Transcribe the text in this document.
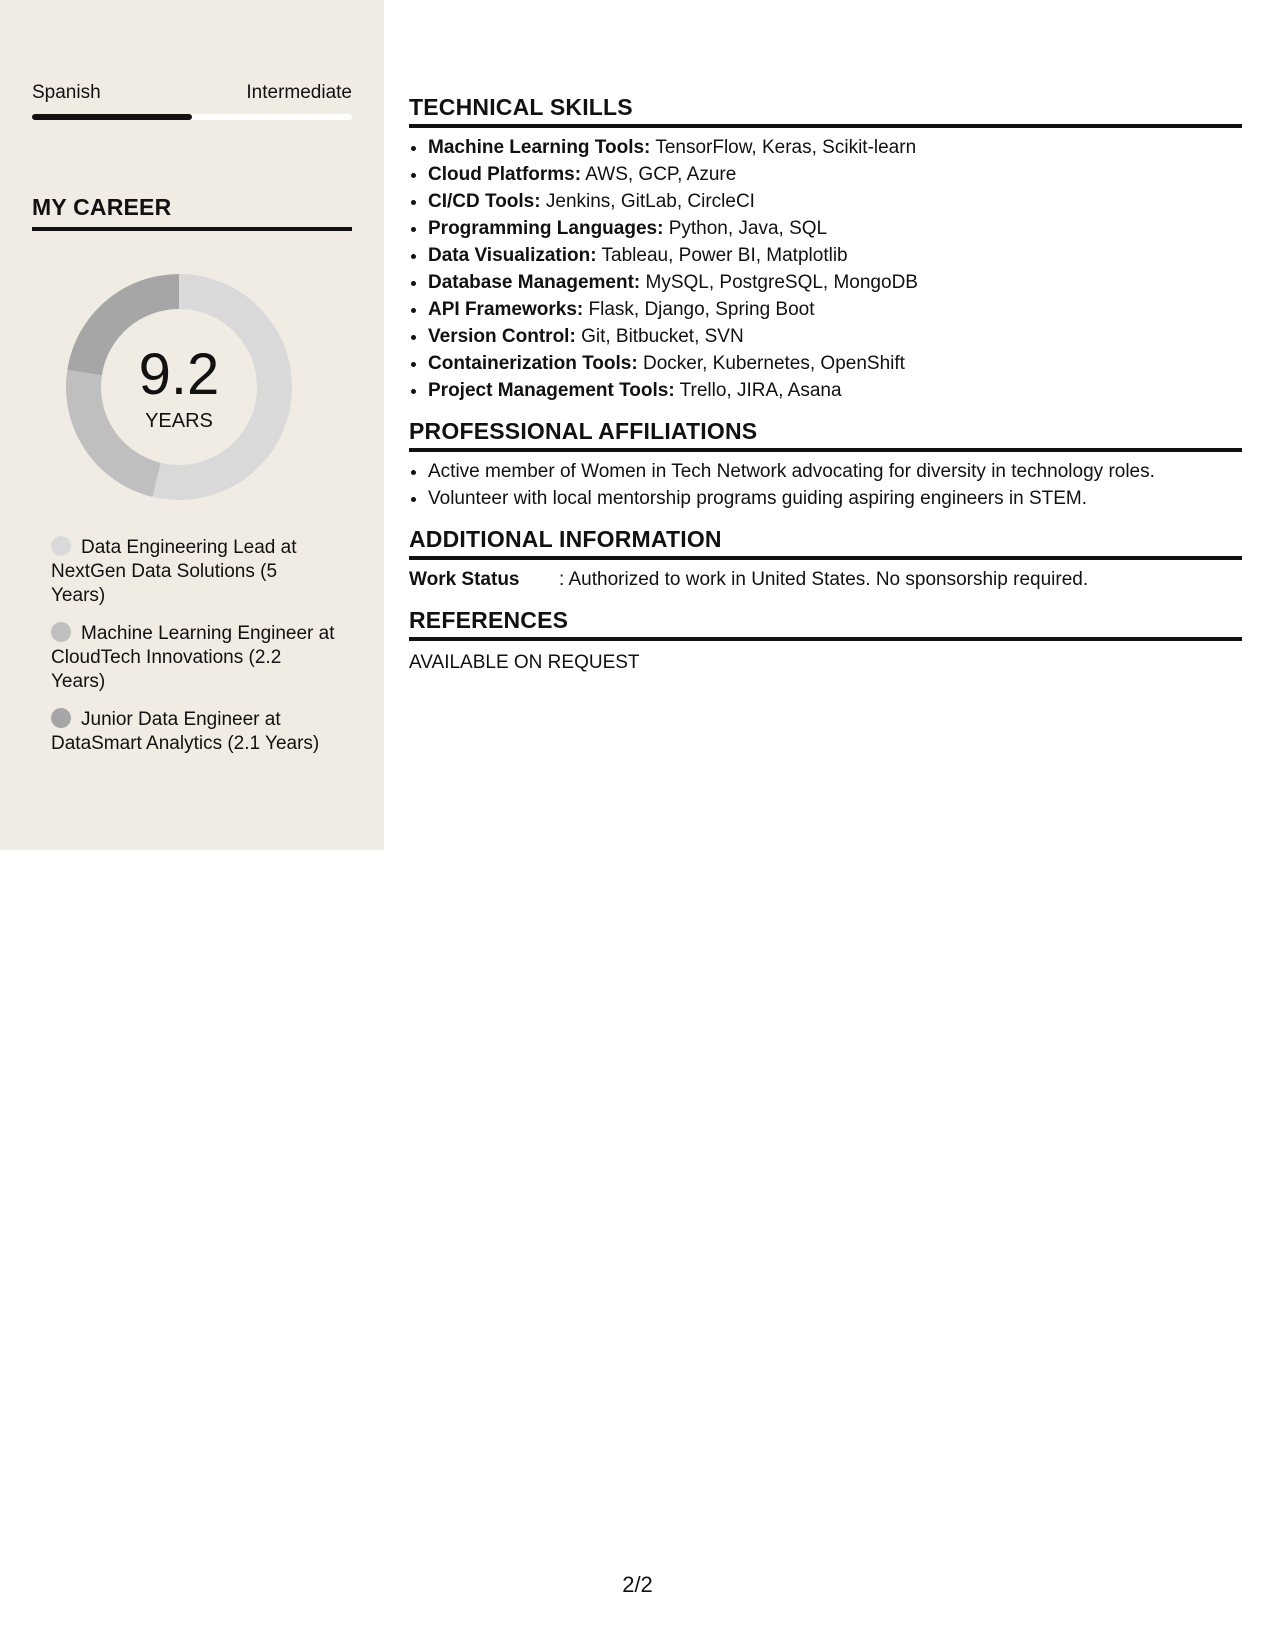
Spanish	Intermediate
MY CAREER
9.2
YEARS
Data Engineering Lead at NextGen Data Solutions (5 Years)
Machine Learning Engineer at CloudTech Innovations (2.2 Years)
Junior Data Engineer at DataSmart Analytics (2.1 Years)
TECHNICAL SKILLS
• Machine Learning Tools: TensorFlow, Keras, Scikit-learn
• Cloud Platforms: AWS, GCP, Azure
• CI/CD Tools: Jenkins, GitLab, CircleCI
• Programming Languages: Python, Java, SQL
• Data Visualization: Tableau, Power BI, Matplotlib
• Database Management: MySQL, PostgreSQL, MongoDB
• API Frameworks: Flask, Django, Spring Boot
• Version Control: Git, Bitbucket, SVN
• Containerization Tools: Docker, Kubernetes, OpenShift
• Project Management Tools: Trello, JIRA, Asana
PROFESSIONAL AFFILIATIONS
• Active member of Women in Tech Network advocating for diversity in technology roles.
• Volunteer with local mentorship programs guiding aspiring engineers in STEM.
ADDITIONAL INFORMATION
Work Status : Authorized to work in United States. No sponsorship required.
REFERENCES
AVAILABLE ON REQUEST
2/2
